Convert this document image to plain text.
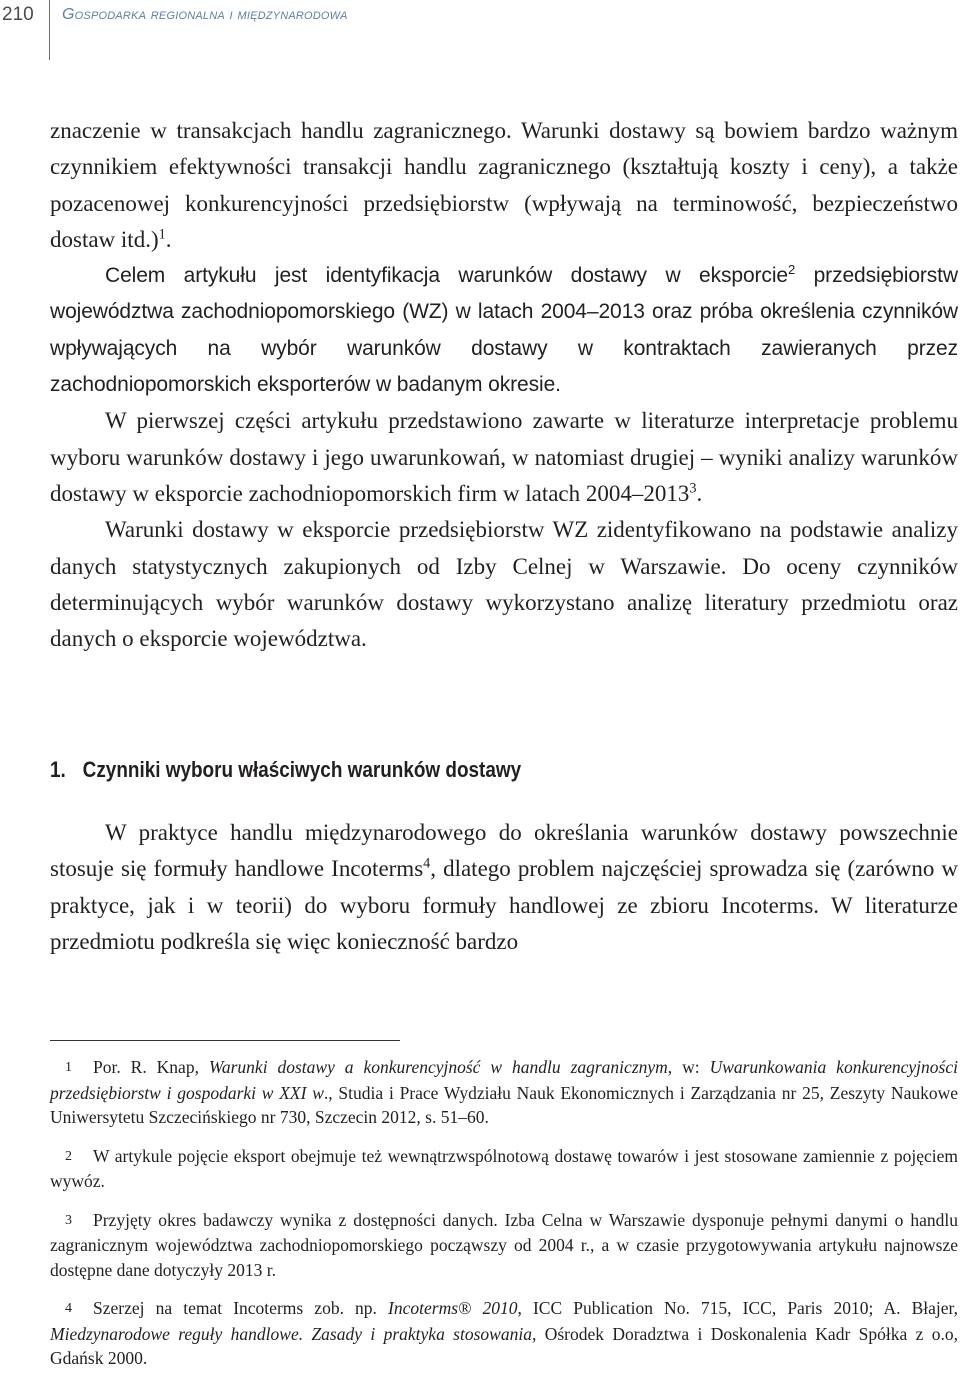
210 Gospodarka regionalna i międzynarodowa

znaczenie w transakcjach handlu zagranicznego. Warunki dostawy są bowiem bardzo ważnym czynnikiem efektywności transakcji handlu zagranicznego (kształtują koszty i ceny), a także pozacenowej konkurencyjności przedsiębiorstw (wpływają na terminowość, bezpieczeństwo dostaw itd.)$^1$.

Celem artykułu jest identyfikacja warunków dostawy w eksporcie$^2$ przedsiębiorstw województwa zachodniopomorskiego (WZ) w latach 2004–2013 oraz próba określenia czynników wpływających na wybór warunków dostawy w kontraktach zawieranych przez zachodniopomorskich eksporterów w badanym okresie.

W pierwszej części artykułu przedstawiono zawarte w literaturze interpretacje problemu wyboru warunków dostawy i jego uwarunkowań, w natomiast drugiej – wyniki analizy warunków dostawy w eksporcie zachodniopomorskich firm w latach 2004–2013$^3$.

Warunki dostawy w eksporcie przedsiębiorstw WZ zidentyfikowano na podstawie analizy danych statystycznych zakupionych od Izby Celnej w Warszawie. Do oceny czynników determinujących wybór warunków dostawy wykorzystano analizę literatury przedmiotu oraz danych o eksporcie województwa.

1. Czynniki wyboru właściwych warunków dostawy

W praktyce handlu międzynarodowego do określania warunków dostawy powszechnie stosuje się formuły handlowe Incoterms$^4$, dlatego problem najczęściej sprowadza się (zarówno w praktyce, jak i w teorii) do wyboru formuły handlowej ze zbioru Incoterms. W literaturze przedmiotu podkreśla się więc konieczność bardzo

1 Por. R. Knap, Warunki dostawy a konkurencyjność w handlu zagranicznym, w: Uwarunkowania konkurencyjności przedsiębiorstw i gospodarki w XXI w., Studia i Prace Wydziału Nauk Ekonomicznych i Zarządzania nr 25, Zeszyty Naukowe Uniwersytetu Szczecińskiego nr 730, Szczecin 2012, s. 51–60.

2 W artykule pojęcie eksport obejmuje też wewnątrzwspólnotową dostawę towarów i jest stosowane zamiennie z pojęciem wywóz.

3 Przyjęty okres badawczy wynika z dostępności danych. Izba Celna w Warszawie dysponuje pełnymi danymi o handlu zagranicznym województwa zachodniopomorskiego począwszy od 2004 r., a w czasie przygotowywania artykułu najnowsze dostępne dane dotyczyły 2013 r.

4 Szerzej na temat Incoterms zob. np. Incoterms® 2010, ICC Publication No. 715, ICC, Paris 2010; A. Błajer, Miedzynarodowe reguły handlowe. Zasady i praktyka stosowania, Ośrodek Doradztwa i Doskonalenia Kadr Spółka z o.o, Gdańsk 2000.
